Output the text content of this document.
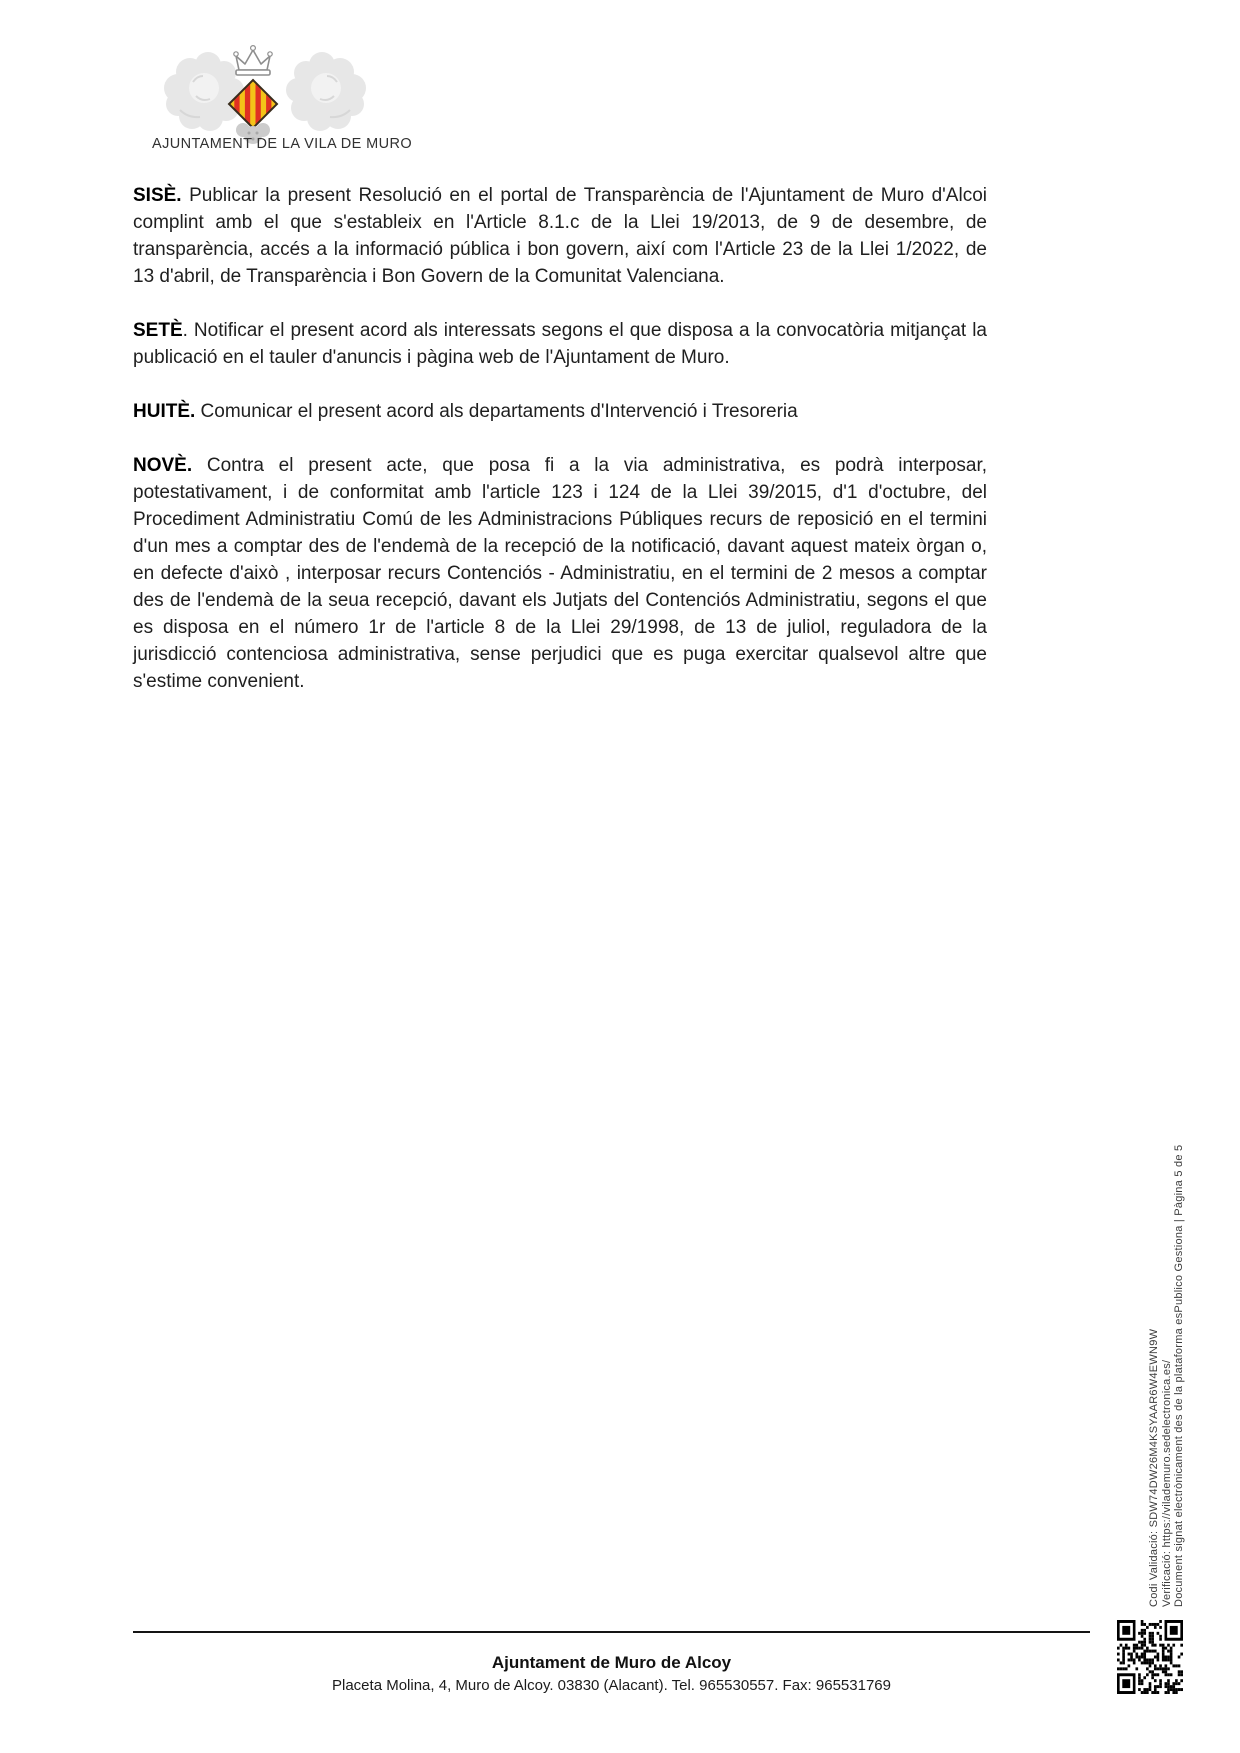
AJUNTAMENT DE LA VILA DE MURO

SISÈ. Publicar la present Resolució en el portal de Transparència de l'Ajuntament de Muro d'Alcoi complint amb el que s'estableix en l'Article 8.1.c de la Llei 19/2013, de 9 de desembre, de transparència, accés a la informació pública i bon govern, així com l'Article 23 de la Llei 1/2022, de 13 d'abril, de Transparència i Bon Govern de la Comunitat Valenciana.

SETÈ. Notificar el present acord als interessats segons el que disposa a la convocatòria mitjançat la publicació en el tauler d'anuncis i pàgina web de l'Ajuntament de Muro.

HUITÈ. Comunicar el present acord als departaments d'Intervenció i Tresoreria

NOVÈ. Contra el present acte, que posa fi a la via administrativa, es podrà interposar, potestativament, i de conformitat amb l'article 123 i 124 de la Llei 39/2015, d'1 d'octubre, del Procediment Administratiu Comú de les Administracions Públiques recurs de reposició en el termini d'un mes a comptar des de l'endemà de la recepció de la notificació, davant aquest mateix òrgan o, en defecte d'això , interposar recurs Contenciós - Administratiu, en el termini de 2 mesos a comptar des de l'endemà de la seua recepció, davant els Jutjats del Contenciós Administratiu, segons el que es disposa en el número 1r de l'article 8 de la Llei 29/1998, de 13 de juliol, reguladora de la jurisdicció contenciosa administrativa, sense perjudici que es puga exercitar qualsevol altre que s'estime convenient.

Codi Validació: SDW74DW26M4KSYAAR6W4EWN9W Verificació: https://vilademuro.sedelectronica.es/ Document signat electrònicament des de la plataforma esPublico Gestiona | Pàgina 5 de 5
Ajuntament de Muro de Alcoy
Placeta Molina, 4, Muro de Alcoy. 03830 (Alacant). Tel. 965530557. Fax: 965531769
